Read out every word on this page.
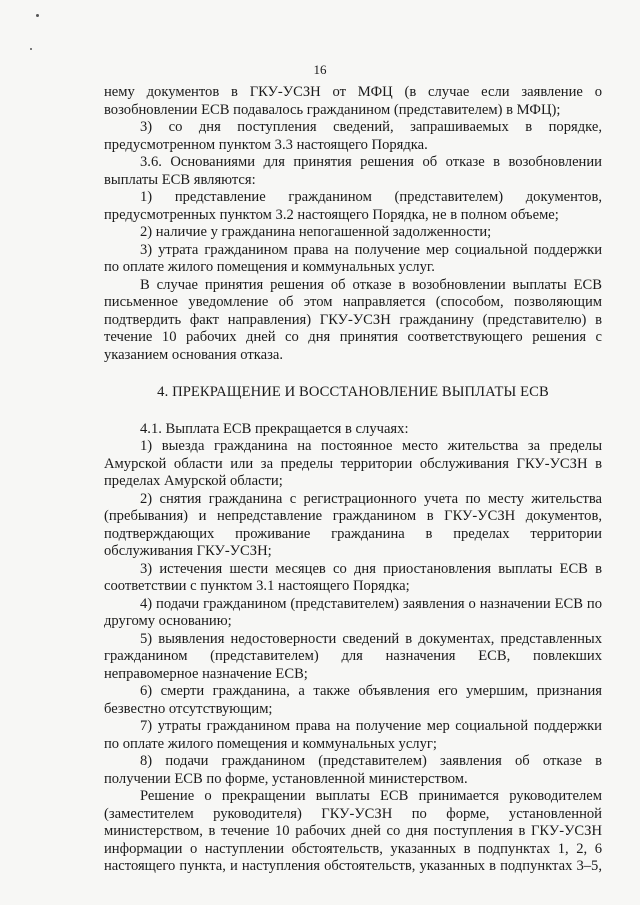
16

нему документов в ГКУ-УСЗН от МФЦ (в случае если заявление о возобновлении ЕСВ подавалось гражданином (представителем) в МФЦ);

3) со дня поступления сведений, запрашиваемых в порядке, предусмотренном пунктом 3.3 настоящего Порядка.

3.6. Основаниями для принятия решения об отказе в возобновлении выплаты ЕСВ являются:

1) представление гражданином (представителем) документов, предусмотренных пунктом 3.2 настоящего Порядка, не в полном объеме;

2) наличие у гражданина непогашенной задолженности;

3) утрата гражданином права на получение мер социальной поддержки по оплате жилого помещения и коммунальных услуг.

В случае принятия решения об отказе в возобновлении выплаты ЕСВ письменное уведомление об этом направляется (способом, позволяющим подтвердить факт направления) ГКУ-УСЗН гражданину (представителю) в течение 10 рабочих дней со дня принятия соответствующего решения с указанием основания отказа.

4. ПРЕКРАЩЕНИЕ И ВОССТАНОВЛЕНИЕ ВЫПЛАТЫ ЕСВ

4.1. Выплата ЕСВ прекращается в случаях:

1) выезда гражданина на постоянное место жительства за пределы Амурской области или за пределы территории обслуживания ГКУ-УСЗН в пределах Амурской области;

2) снятия гражданина с регистрационного учета по месту жительства (пребывания) и непредставление гражданином в ГКУ-УСЗН документов, подтверждающих проживание гражданина в пределах территории обслуживания ГКУ-УСЗН;

3) истечения шести месяцев со дня приостановления выплаты ЕСВ в соответствии с пунктом 3.1 настоящего Порядка;

4) подачи гражданином (представителем) заявления о назначении ЕСВ по другому основанию;

5) выявления недостоверности сведений в документах, представленных гражданином (представителем) для назначения ЕСВ, повлекших неправомерное назначение ЕСВ;

6) смерти гражданина, а также объявления его умершим, признания безвестно отсутствующим;

7) утраты гражданином права на получение мер социальной поддержки по оплате жилого помещения и коммунальных услуг;

8) подачи гражданином (представителем) заявления об отказе в получении ЕСВ по форме, установленной министерством.

Решение о прекращении выплаты ЕСВ принимается руководителем (заместителем руководителя) ГКУ-УСЗН по форме, установленной министерством, в течение 10 рабочих дней со дня поступления в ГКУ-УСЗН информации о наступлении обстоятельств, указанных в подпунктах 1, 2, 6 настоящего пункта, и наступления обстоятельств, указанных в подпунктах 3–5,
